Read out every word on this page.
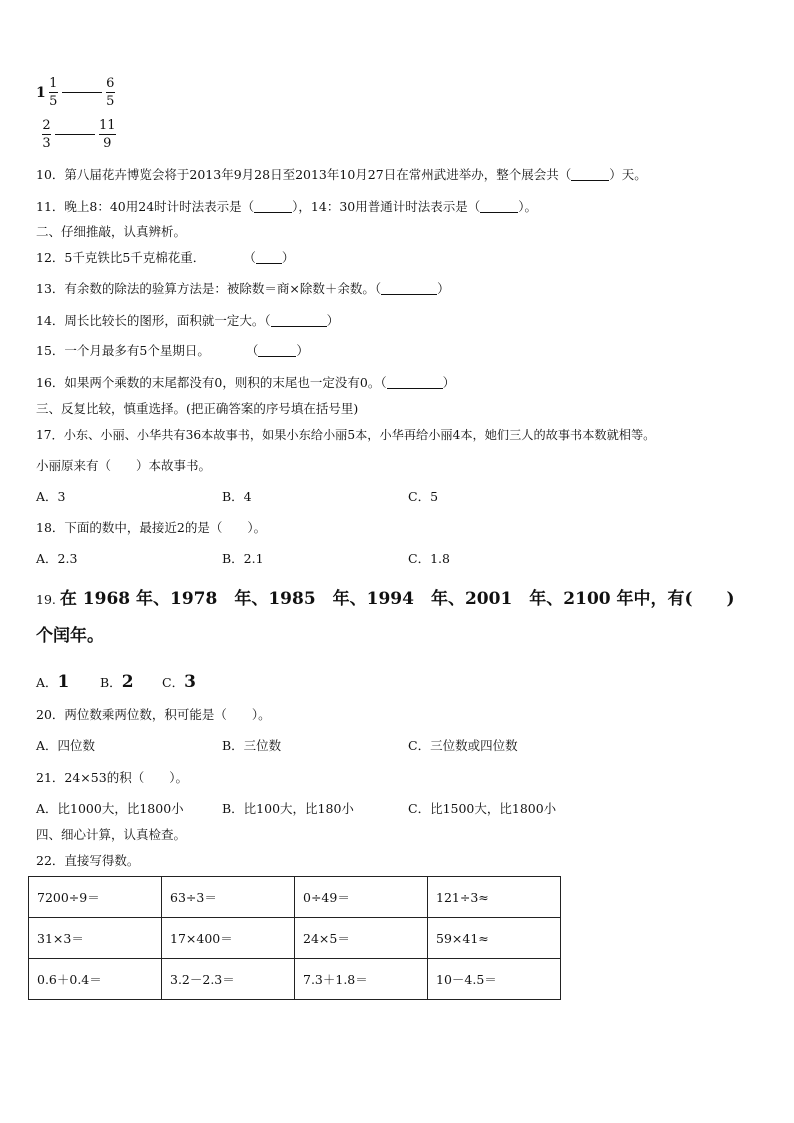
$1 \frac{1}{5}$	$\frac{6}{5}$
$\frac{2}{3}$	$\frac{11}{9}$
10．第八届花卉博览会将于2013年9月28日至2013年10月27日在常州武进举办，整个展会共（	）天。
11．晚上8：40用24时计时法表示是（	），14：30用普通计时法表示是（	）。
二、仔细推敲，认真辨析。
12．5千克铁比5千克棉花重．	（ ）
13．有余数的除法的验算方法是：被除数＝商×除数＋余数。（	）
14．周长比较长的图形，面积就一定大。（	）
15．一个月最多有5个星期日。	（	）
16．如果两个乘数的末尾都没有0，则积的末尾也一定没有0。（	）
三、反复比较，慎重选择。(把正确答案的序号填在括号里)
17．小东、小丽、小华共有36本故事书，如果小东给小丽5本，小华再给小丽4本，她们三人的故事书本数就相等。
小丽原来有（　　）本故事书。
A．3	B．4	C．5
18．下面的数中，最接近2的是（　　）。
A．2.3	B．2.1	C．1.8
19. 在 1968 年、1978　年、1985　年、1994　年、2001　年、2100 年中，有(　　)
个闰年。
A．1 B．2 C．3
20．两位数乘两位数，积可能是（　　）。
A．四位数	B．三位数	C．三位数或四位数
21．24×53的积（　　）。
A．比1000大，比1800小	B．比100大，比180小	C．比1500大，比1800小
四、细心计算，认真检查。
22．直接写得数。
7200÷9＝	63÷3＝	0÷49＝	121÷3≈
31×3＝	17×400＝	24×5＝	59×41≈
0.6＋0.4＝	3.2－2.3＝	7.3＋1.8＝	10－4.5＝
